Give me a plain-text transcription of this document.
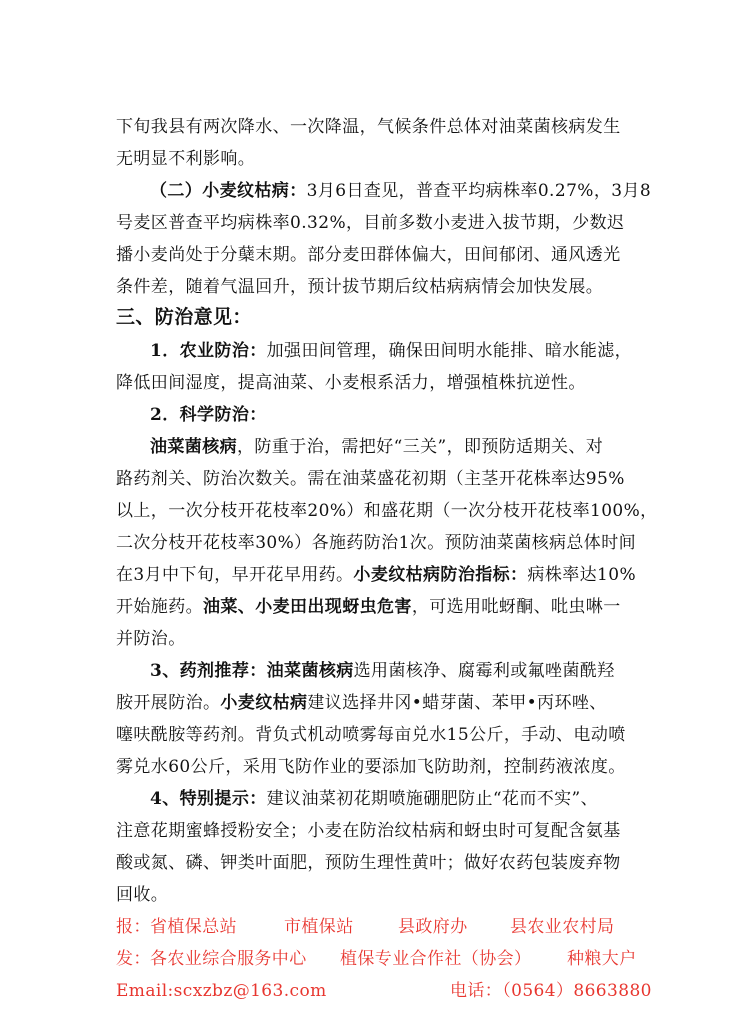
下旬我县有两次降水、一次降温，气候条件总体对油菜菌核病发生
无明显不利影响。
（二）小麦纹枯病：3月6日查见，普查平均病株率0.27%，3月8
号麦区普查平均病株率0.32%，目前多数小麦进入拔节期，少数迟
播小麦尚处于分蘖末期。部分麦田群体偏大，田间郁闭、通风透光
条件差，随着气温回升，预计拔节期后纹枯病病情会加快发展。
三、防治意见：
1．农业防治：加强田间管理，确保田间明水能排、暗水能滤，
降低田间湿度，提高油菜、小麦根系活力，增强植株抗逆性。
2．科学防治：
油菜菌核病，防重于治，需把好“三关”，即预防适期关、对
路药剂关、防治次数关。需在油菜盛花初期（主茎开花株率达95%
以上，一次分枝开花枝率20%）和盛花期（一次分枝开花枝率100%，
二次分枝开花枝率30%）各施药防治1次。预防油菜菌核病总体时间
在3月中下旬，早开花早用药。小麦纹枯病防治指标：病株率达10%
开始施药。油菜、小麦田出现蚜虫危害，可选用吡蚜酮、吡虫啉一
并防治。
3、药剂推荐：油菜菌核病选用菌核净、腐霉利或氟唑菌酰羟
胺开展防治。小麦纹枯病建议选择井冈•蜡芽菌、苯甲•丙环唑、
噻呋酰胺等药剂。背负式机动喷雾每亩兑水15公斤，手动、电动喷
雾兑水60公斤，采用飞防作业的要添加飞防助剂，控制药液浓度。
4、特别提示：建议油菜初花期喷施硼肥防止“花而不实”、
注意花期蜜蜂授粉安全；小麦在防治纹枯病和蚜虫时可复配含氨基
酸或氮、磷、钾类叶面肥，预防生理性黄叶；做好农药包装废弃物
回收。
报： 省植保总站	市植保站	县政府办 县农业农村局
发： 各农业综合服务中心 植保专业合作社（协会） 种粮大户
Email:scxzbz@163.com	电话：（0564）8663880
